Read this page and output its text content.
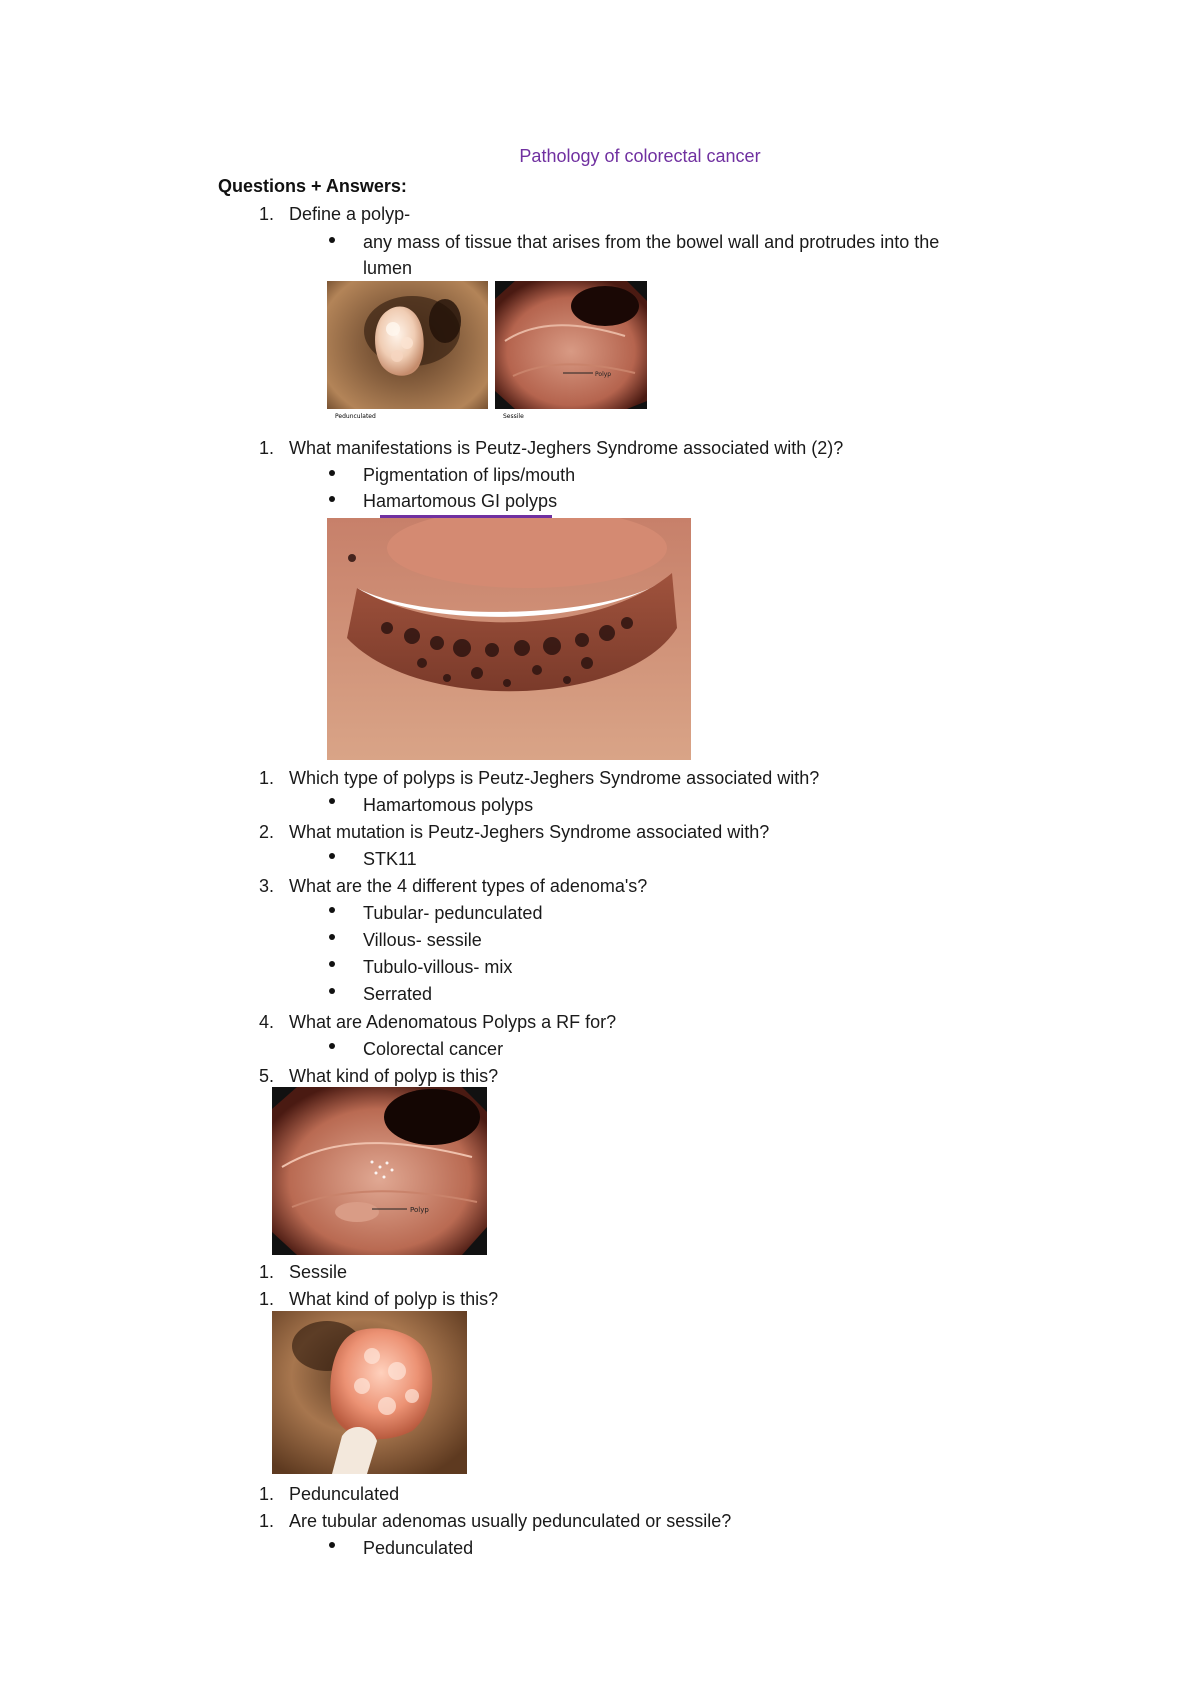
Pathology of colorectal cancer
Questions + Answers:
1. Define a polyp-
any mass of tissue that arises from the bowel wall and protrudes into the
lumen
Pedunculated
Polyp
Sessile
1. What manifestations is Peutz-Jeghers Syndrome associated with (2)?
Pigmentation of lips/mouth
Hamartomous GI polyps
1. Which type of polyps is Peutz-Jeghers Syndrome associated with?
Hamartomous polyps
2. What mutation is Peutz-Jeghers Syndrome associated with?
STK11
3. What are the 4 different types of adenoma's?
Tubular- pedunculated
Villous- sessile
Tubulo-villous- mix
Serrated
4. What are Adenomatous Polyps a RF for?
Colorectal cancer
5. What kind of polyp is this?
Polyp
1. Sessile
1. What kind of polyp is this?
1. Pedunculated
1. Are tubular adenomas usually pedunculated or sessile?
Pedunculated
